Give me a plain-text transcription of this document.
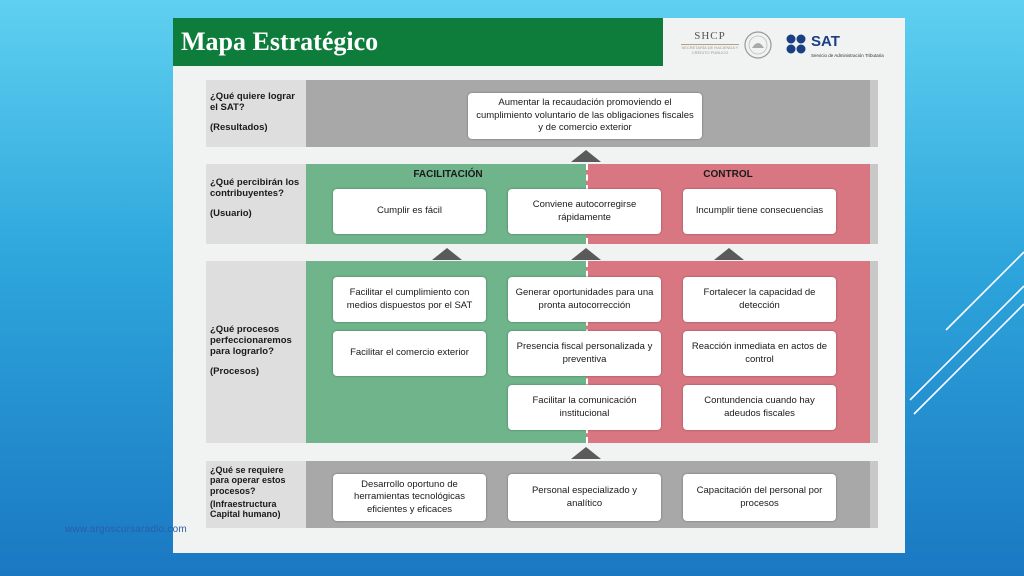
Mapa Estratégico	SHCP
SECRETARÍA DE HACIENDA Y CRÉDITO PÚBLICO
SAT
Servicio de Administración Tributaria
¿Qué quiere lograr el SAT?
(Resultados)
Aumentar la recaudación promoviendo el cumplimiento voluntario de las obligaciones fiscales y de comercio exterior
FACILITACIÓN	CONTROL
¿Qué percibirán los contribuyentes?
(Usuario)	Cumplir es fácil
Conviene autocorregirse rápidamente
Incumplir tiene consecuencias
¿Qué procesos perfeccionaremos para lograrlo?
(Procesos)
Facilitar el cumplimiento con medios dispuestos por el SAT
Facilitar el comercio exterior
Generar oportunidades para una pronta autocorrección
Presencia fiscal personalizada y preventiva
Facilitar la comunicación institucional
Fortalecer la capacidad de detección
Reacción inmediata en actos de control
Contundencia cuando hay adeudos fiscales
¿Qué se requiere para operar estos procesos?
(Infraestructura Capital humano)
Desarrollo oportuno de herramientas tecnológicas eficientes y eficaces
Personal especializado y analítico
Capacitación del personal por procesos
www.argoscursaradio.com
